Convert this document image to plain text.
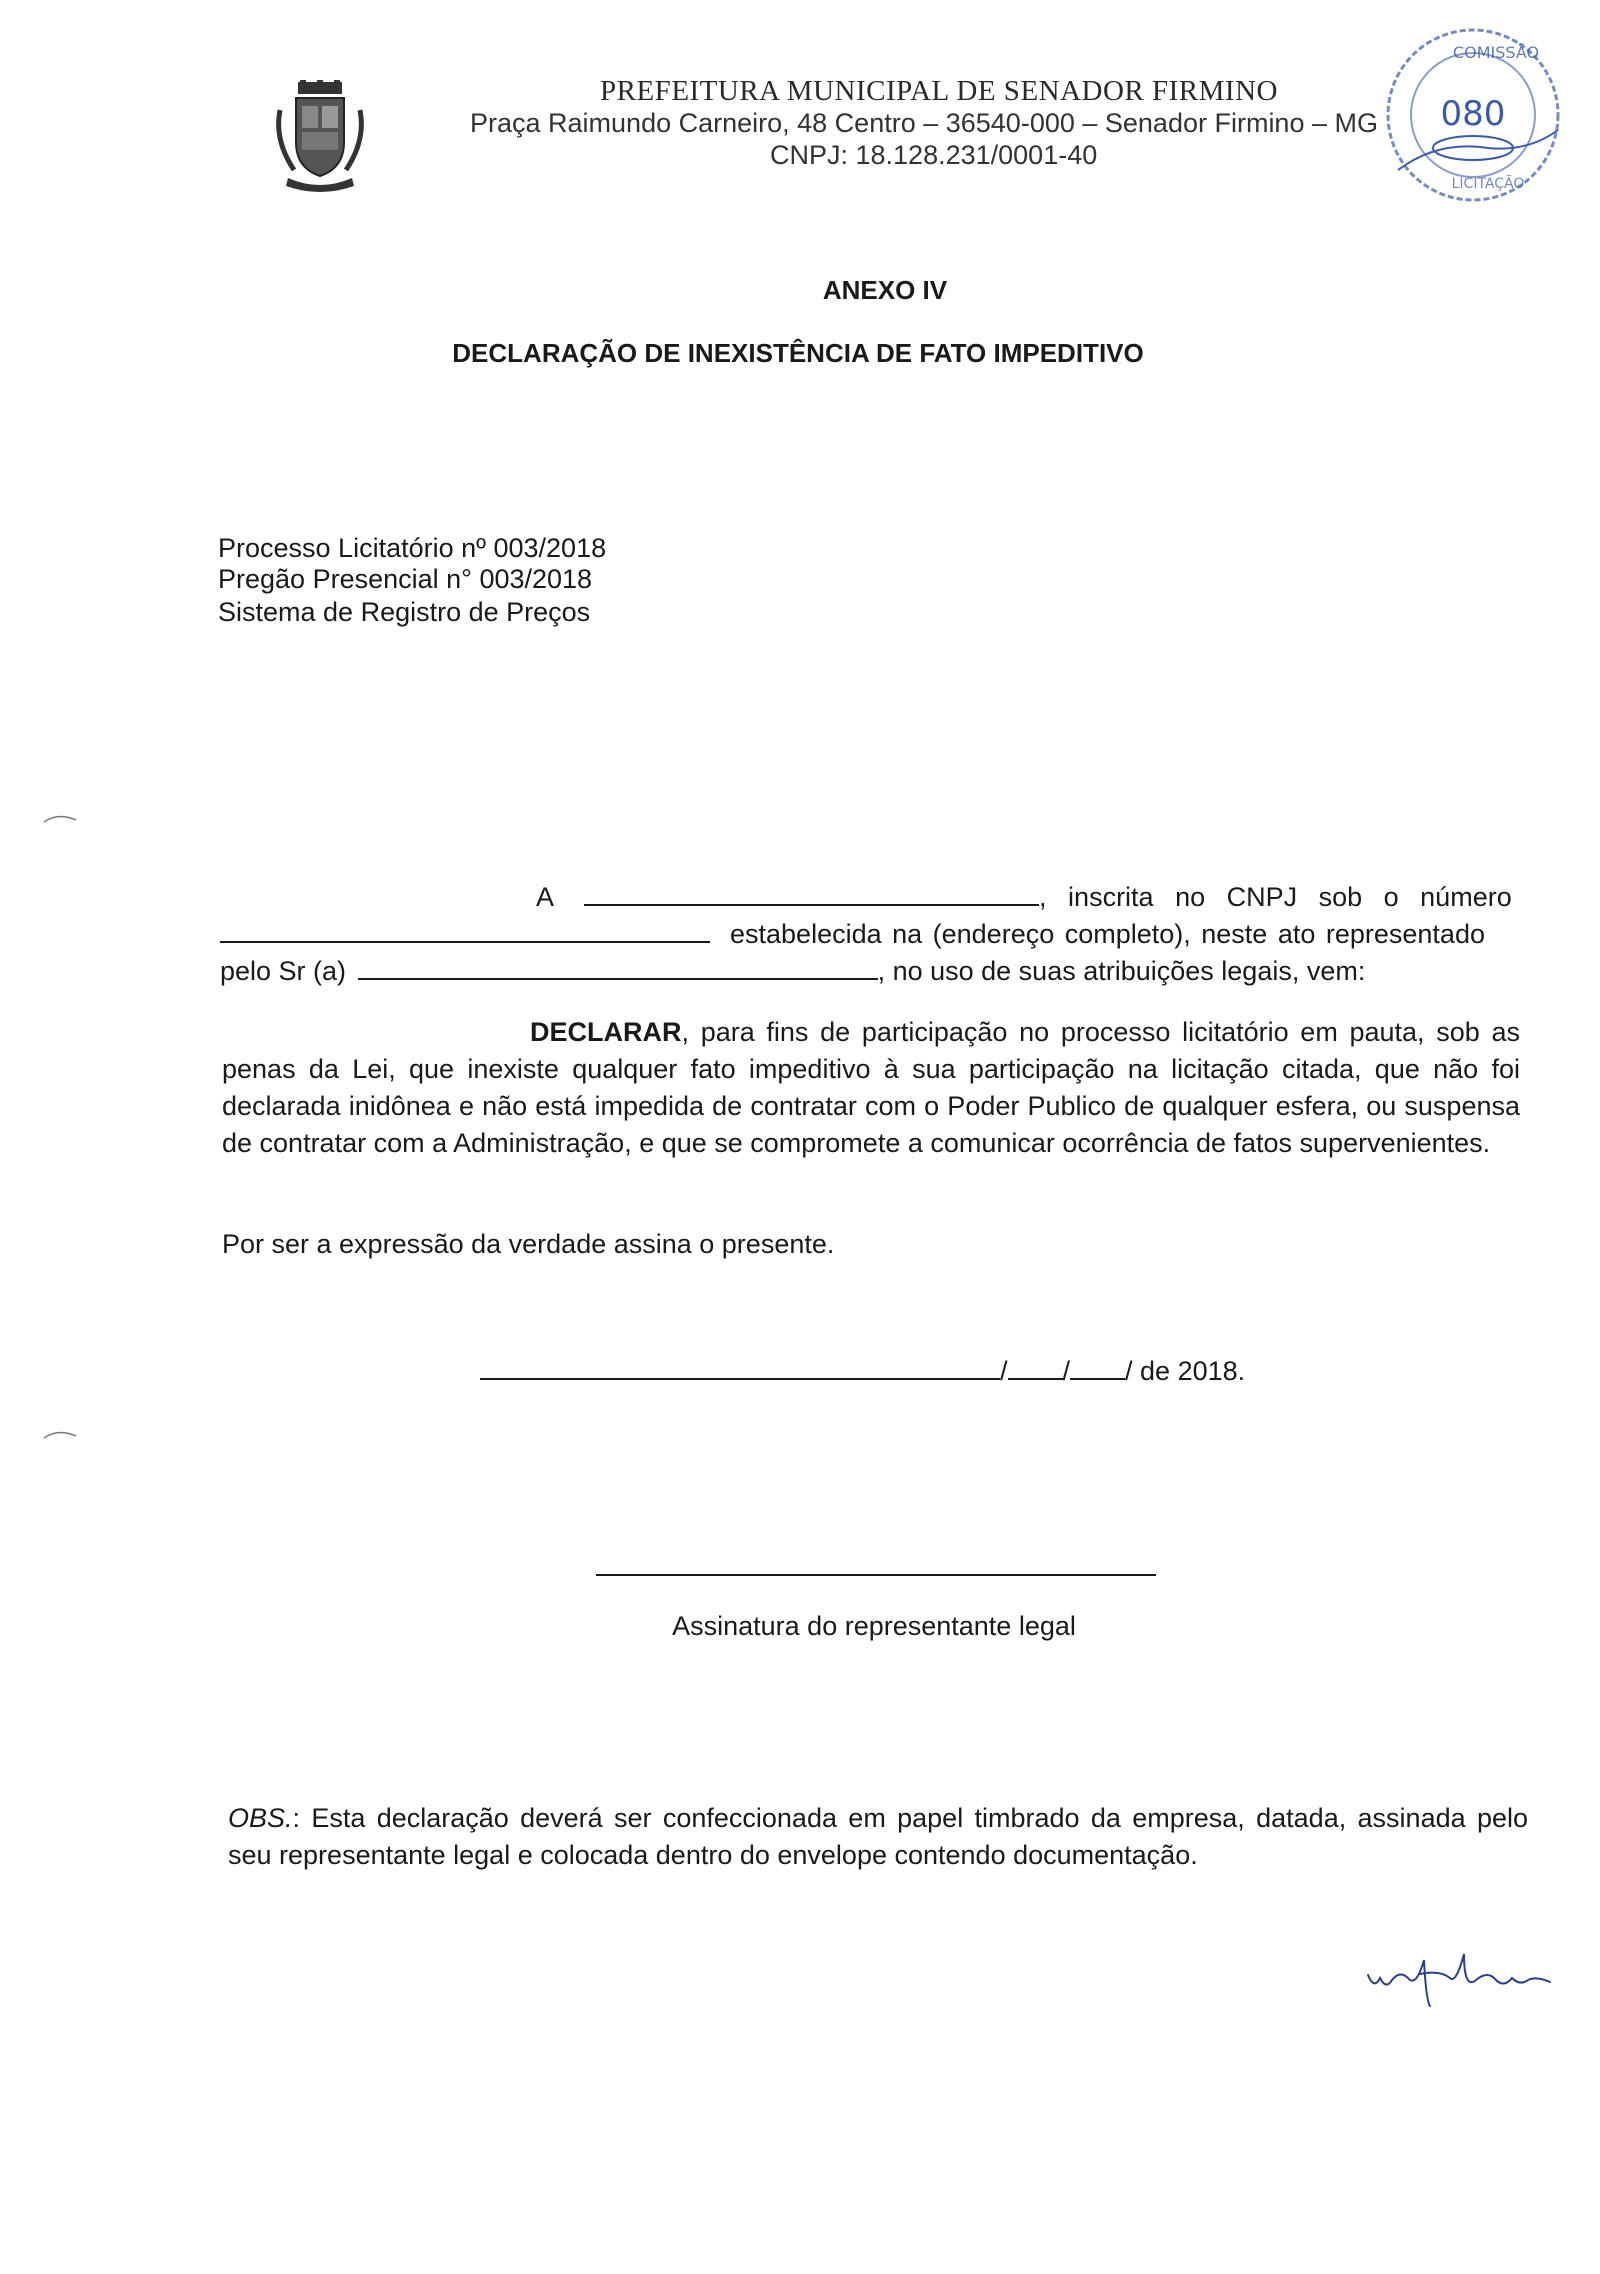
PREFEITURA MUNICIPAL DE SENADOR FIRMINO
Praça Raimundo Carneiro, 48 Centro – 36540-000 – Senador Firmino – MG
CNPJ: 18.128.231/0001-40
080
COMISSÃO
LICITAÇÃO
ANEXO IV
DECLARAÇÃO DE INEXISTÊNCIA DE FATO IMPEDITIVO
Processo Licitatório nº 003/2018
Pregão Presencial n° 003/2018
Sistema de Registro de Preços
A	, inscrita no CNPJ sob o número
estabelecida na (endereço completo), neste ato representado
pelo Sr (a)	, no uso de suas atribuições legais, vem:
DECLARAR, para fins de participação no processo licitatório em pauta, sob as penas da Lei, que inexiste qualquer fato impeditivo à sua participação na licitação citada, que não foi declarada inidônea e não está impedida de contratar com o Poder Publico de qualquer esfera, ou suspensa de contratar com a Administração, e que se compromete a comunicar ocorrência de fatos supervenientes.
Por ser a expressão da verdade assina o presente.
/ / / de 2018.
Assinatura do representante legal
OBS.: Esta declaração deverá ser confeccionada em papel timbrado da empresa, datada, assinada pelo seu representante legal e colocada dentro do envelope contendo documentação.
